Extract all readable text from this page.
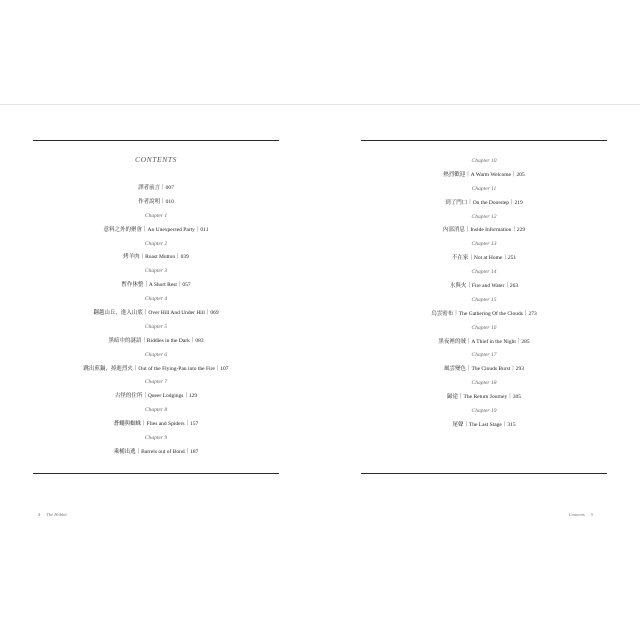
CONTENTS
譯者前言｜007
作者說明｜010
Chapter 1
意料之外的聚會｜An Unexpected Party｜011
Chapter 2
烤羊肉｜Roast Mutton｜039
Chapter 3
暫作休整｜A Short Rest｜057
Chapter 4
翻越山丘，進入山底｜Over Hill And Under Hill｜069
Chapter 5
黑暗中的謎語｜Riddles in the Dark｜083
Chapter 6
跳出煎鍋，掉進烈火｜Out of the Flying-Pan into the Fire｜107
Chapter 7
古怪的住所｜Queer Lodgings｜129
Chapter 8
蒼蠅與蜘蛛｜Flies and Spiders｜157
Chapter 9
乘桶出逃｜Barrels out of Bond｜187
Chapter 10
熱烈歡迎｜A Warm Welcome｜205
Chapter 11
到了門口｜On the Doorstep｜219
Chapter 12
內部消息｜Inside Information｜229
Chapter 13
不在家｜Not at Home｜251
Chapter 14
水與火｜Fire and Water｜263
Chapter 15
烏雲密布｜The Gathering Of the Clouds｜273
Chapter 16
黑夜裡的賊｜A Thief in the Night｜285
Chapter 17
風雲變色｜The Clouds Burst｜293
Chapter 18
歸途｜The Return Journey｜305
Chapter 19
尾聲｜The Last Stage｜315
4 The Hobbit	Contents 5
